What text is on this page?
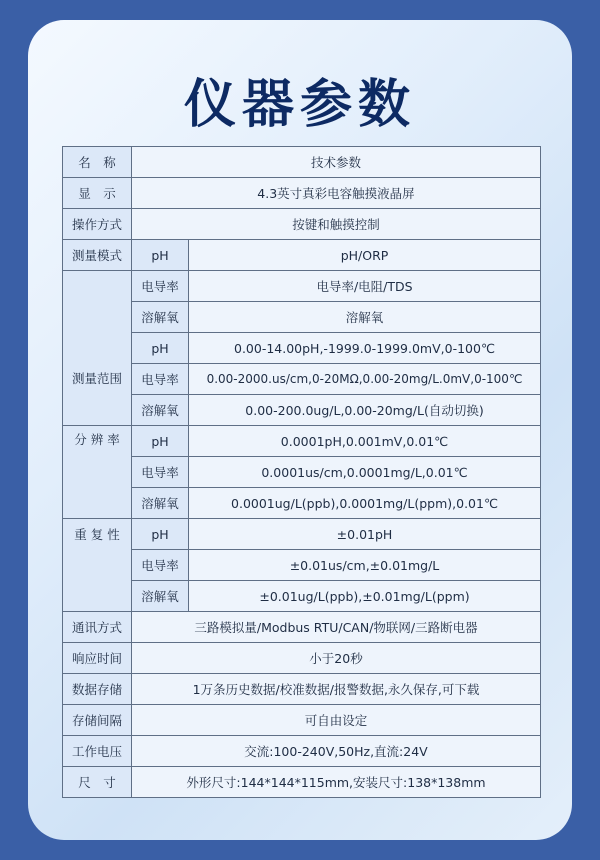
仪器参数
名　称	技术参数	
显　示	4.3英寸真彩电容触摸液晶屏	
操作方式	按键和触摸控制	
测量模式	pH	pH/ORP
测量范围	电导率	电导率/电阻/TDS
	溶解氧	溶解氧
	pH	0.00-14.00pH,-1999.0-1999.0mV,0-100℃
	电导率	0.00-2000.us/cm,0-20MΩ,0.00-20mg/L.0mV,0-100℃
	溶解氧	0.00-200.0ug/L,0.00-20mg/L(自动切换)
分 辨 率	pH	0.0001pH,0.001mV,0.01℃
	电导率	0.0001us/cm,0.0001mg/L,0.01℃
	溶解氧	0.0001ug/L(ppb),0.0001mg/L(ppm),0.01℃
重 复 性	pH	±0.01pH
	电导率	±0.01us/cm,±0.01mg/L
	溶解氧	±0.01ug/L(ppb),±0.01mg/L(ppm)
通讯方式	三路模拟量/Modbus RTU/CAN/物联网/三路断电器	
响应时间	小于20秒	
数据存储	1万条历史数据/校准数据/报警数据,永久保存,可下载	
存储间隔	可自由设定	
工作电压	交流:100-240V,50Hz,直流:24V	
尺　寸	外形尺寸:144*144*115mm,安装尺寸:138*138mm	
